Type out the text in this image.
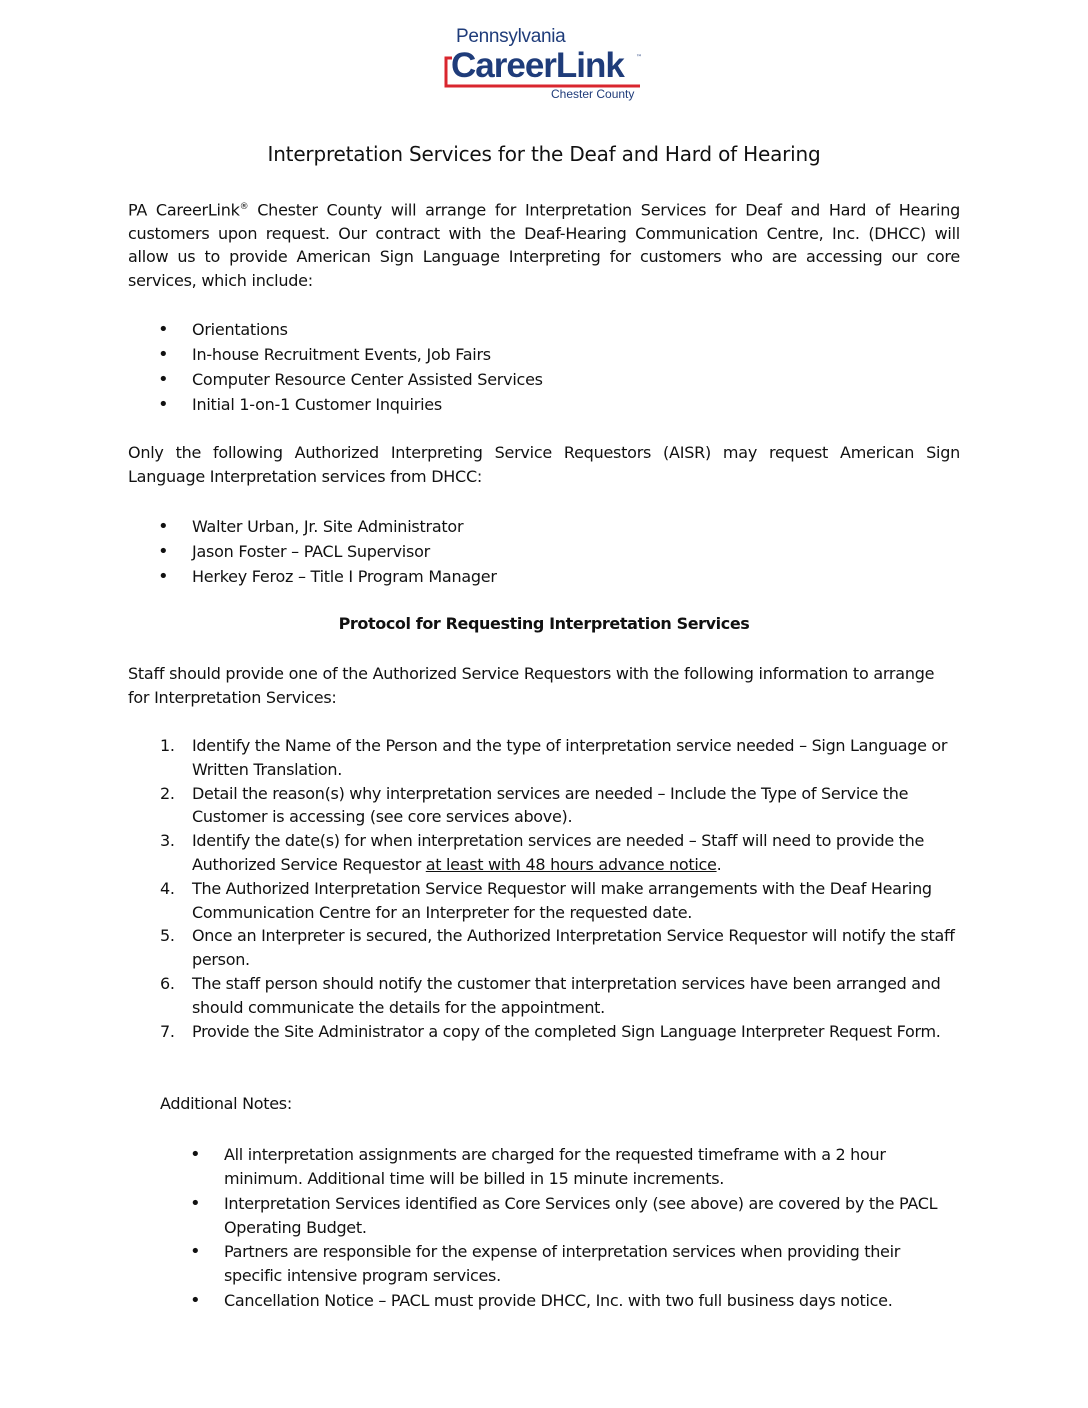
Pennsylvania
CareerLink ™
Chester County
Interpretation Services for the Deaf and Hard of Hearing

PA CareerLink® Chester County will arrange for Interpretation Services for Deaf and Hard of Hearing customers upon request. Our contract with the Deaf-Hearing Communication Centre, Inc. (DHCC) will allow us to provide American Sign Language Interpreting for customers who are accessing our core services, which include:

• Orientations
• In-house Recruitment Events, Job Fairs
• Computer Resource Center Assisted Services
• Initial 1-on-1 Customer Inquiries

Only the following Authorized Interpreting Service Requestors (AISR) may request American Sign Language Interpretation services from DHCC:

• Walter Urban, Jr. Site Administrator
• Jason Foster – PACL Supervisor
• Herkey Feroz – Title I Program Manager
Protocol for Requesting Interpretation Services

Staff should provide one of the Authorized Service Requestors with the following information to arrange for Interpretation Services:

1. Identify the Name of the Person and the type of interpretation service needed – Sign Language or Written Translation.
2. Detail the reason(s) why interpretation services are needed – Include the Type of Service the Customer is accessing (see core services above).
3. Identify the date(s) for when interpretation services are needed – Staff will need to provide the Authorized Service Requestor at least with 48 hours advance notice.
4. The Authorized Interpretation Service Requestor will make arrangements with the Deaf Hearing Communication Centre for an Interpreter for the requested date.
5. Once an Interpreter is secured, the Authorized Interpretation Service Requestor will notify the staff person.
6. The staff person should notify the customer that interpretation services have been arranged and should communicate the details for the appointment.
7. Provide the Site Administrator a copy of the completed Sign Language Interpreter Request Form.

Additional Notes:

• All interpretation assignments are charged for the requested timeframe with a 2 hour minimum. Additional time will be billed in 15 minute increments.
• Interpretation Services identified as Core Services only (see above) are covered by the PACL Operating Budget.
• Partners are responsible for the expense of interpretation services when providing their specific intensive program services.
• Cancellation Notice – PACL must provide DHCC, Inc. with two full business days notice.
